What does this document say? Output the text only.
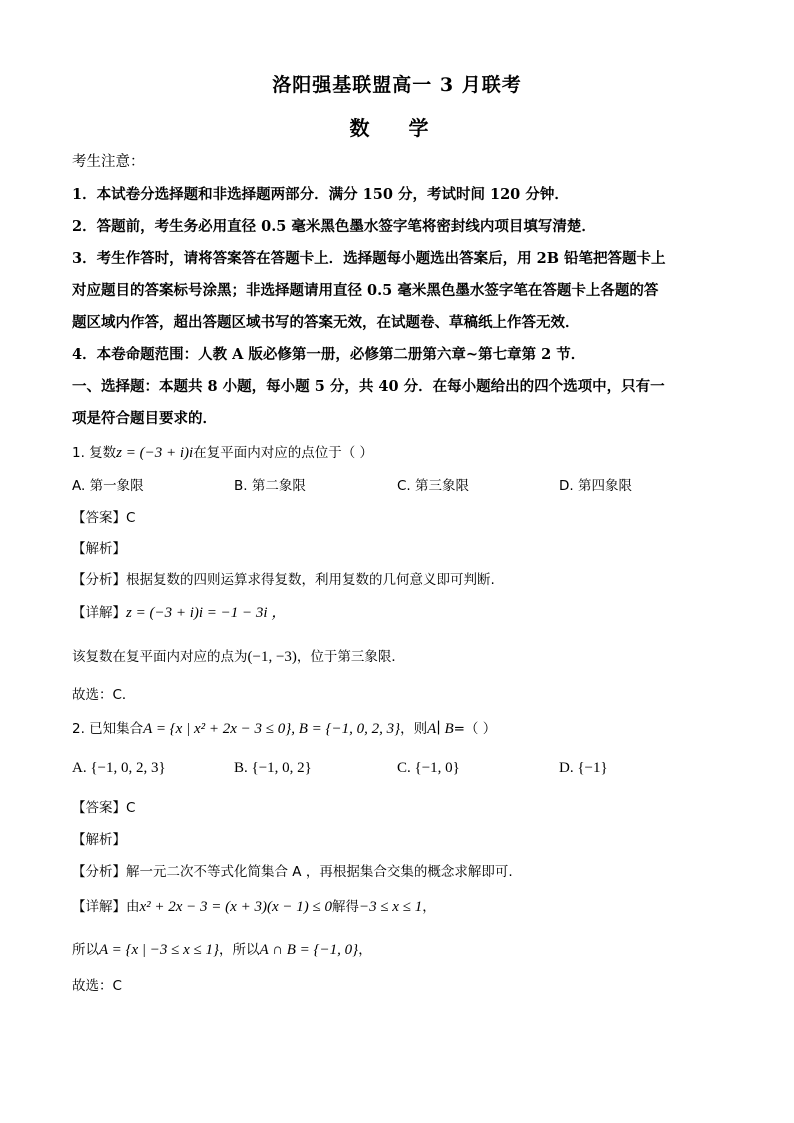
洛阳强基联盟高一 3 月联考
数 学
考生注意：
1．本试卷分选择题和非选择题两部分．满分 150 分，考试时间 120 分钟．
2．答题前，考生务必用直径 0.5 毫米黑色墨水签字笔将密封线内项目填写清楚．
3．考生作答时，请将答案答在答题卡上．选择题每小题选出答案后，用 2B 铅笔把答题卡上
对应题目的答案标号涂黑；非选择题请用直径 0.5 毫米黑色墨水签字笔在答题卡上各题的答
题区域内作答，超出答题区域书写的答案无效，在试题卷、草稿纸上作答无效．
4．本卷命题范围：人教 A 版必修第一册，必修第二册第六章~第七章第 2 节．
一、选择题：本题共 8 小题，每小题 5 分，共 40 分．在每小题给出的四个选项中，只有一
项是符合题目要求的．
1. 复数z = (−3 + i)i在复平面内对应的点位于（ ）
A. 第一象限	B. 第二象限	C. 第三象限	D. 第四象限
【答案】C
【解析】
【分析】根据复数的四则运算求得复数，利用复数的几何意义即可判断.
【详解】z = (−3 + i)i = −1 − 3i ，
该复数在复平面内对应的点为(−1, −3)，位于第三象限．
故选：C．
2. 已知集合A = {x | x² + 2x − 3 ≤ 0}, B = {−1, 0, 2, 3}，则A∣ B=（ ）
A. {−1, 0, 2, 3}	B. {−1, 0, 2}	C. {−1, 0}	D. {−1}
【答案】C
【解析】
【分析】解一元二次不等式化简集合 A ，再根据集合交集的概念求解即可.
【详解】由x² + 2x − 3 = (x + 3)(x − 1) ≤ 0解得−3 ≤ x ≤ 1，
所以A = {x | −3 ≤ x ≤ 1}，所以A ∩ B = {−1, 0}，
故选：C
